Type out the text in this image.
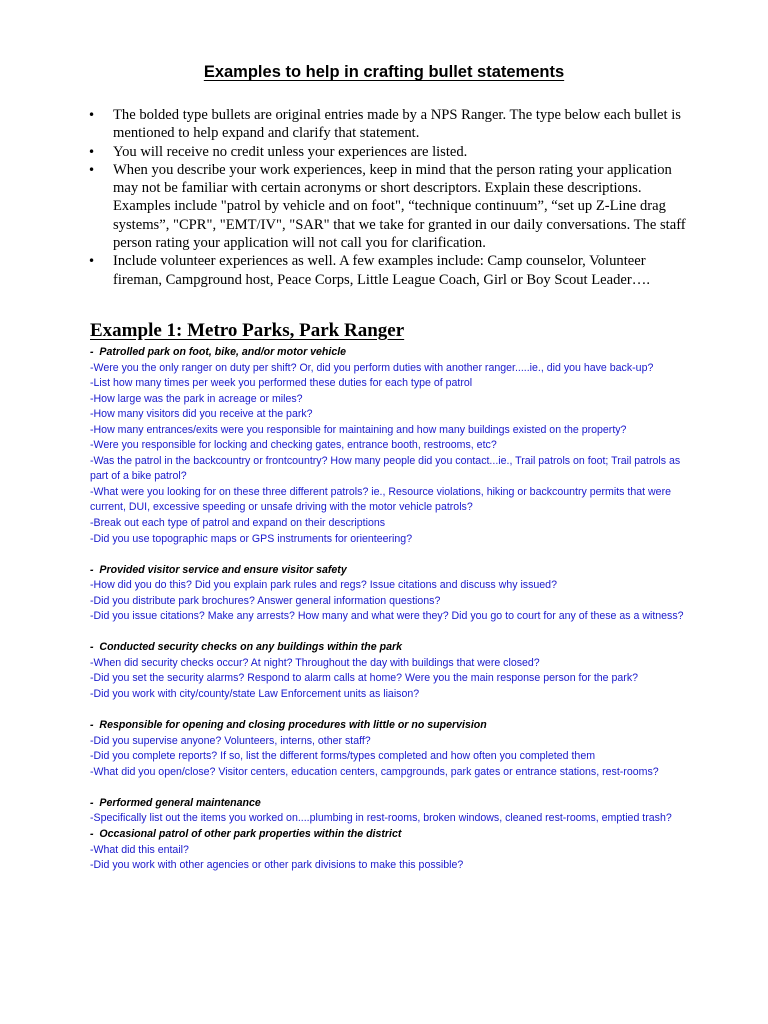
Examples to help in crafting bullet statements
• The bolded type bullets are original entries made by a NPS Ranger. The type below each bullet is mentioned to help expand and clarify that statement.
• You will receive no credit unless your experiences are listed.
• When you describe your work experiences, keep in mind that the person rating your application may not be familiar with certain acronyms or short descriptors. Explain these descriptions. Examples include "patrol by vehicle and on foot", “technique continuum”, “set up Z-Line drag systems”, "CPR", "EMT/IV", "SAR" that we take for granted in our daily conversations. The staff person rating your application will not call you for clarification.
• Include volunteer experiences as well. A few examples include: Camp counselor, Volunteer fireman, Campground host, Peace Corps, Little League Coach, Girl or Boy Scout Leader….
Example 1: Metro Parks, Park Ranger
-  Patrolled park on foot, bike, and/or motor vehicle
-Were you the only ranger on duty per shift? Or, did you perform duties with another ranger.....ie., did you have back-up?
-List how many times per week you performed these duties for each type of patrol
-How large was the park in acreage or miles?
-How many visitors did you receive at the park?
-How many entrances/exits were you responsible for maintaining and how many buildings existed on the property?
-Were you responsible for locking and checking gates, entrance booth, restrooms, etc?
-Was the patrol in the backcountry or frontcountry? How many people did you contact...ie., Trail patrols on foot; Trail patrols as part of a bike patrol?
-What were you looking for on these three different patrols? ie., Resource violations, hiking or backcountry permits that were current, DUI, excessive speeding or unsafe driving with the motor vehicle patrols?
-Break out each type of patrol and expand on their descriptions
-Did you use topographic maps or GPS instruments for orienteering?
-  Provided visitor service and ensure visitor safety
-How did you do this? Did you explain park rules and regs? Issue citations and discuss why issued?
-Did you distribute park brochures? Answer general information questions?
-Did you issue citations? Make any arrests? How many and what were they? Did you go to court for any of these as a witness?
-  Conducted security checks on any buildings within the park
-When did security checks occur? At night? Throughout the day with buildings that were closed?
-Did you set the security alarms? Respond to alarm calls at home? Were you the main response person for the park?
-Did you work with city/county/state Law Enforcement units as liaison?
-  Responsible for opening and closing procedures with little or no supervision
-Did you supervise anyone? Volunteers, interns, other staff?
-Did you complete reports? If so, list the different forms/types completed and how often you completed them
-What did you open/close? Visitor centers, education centers, campgrounds, park gates or entrance stations, rest-rooms?
-  Performed general maintenance
-Specifically list out the items you worked on....plumbing in rest-rooms, broken windows, cleaned rest-rooms, emptied trash?
-  Occasional patrol of other park properties within the district
-What did this entail?
-Did you work with other agencies or other park divisions to make this possible?
